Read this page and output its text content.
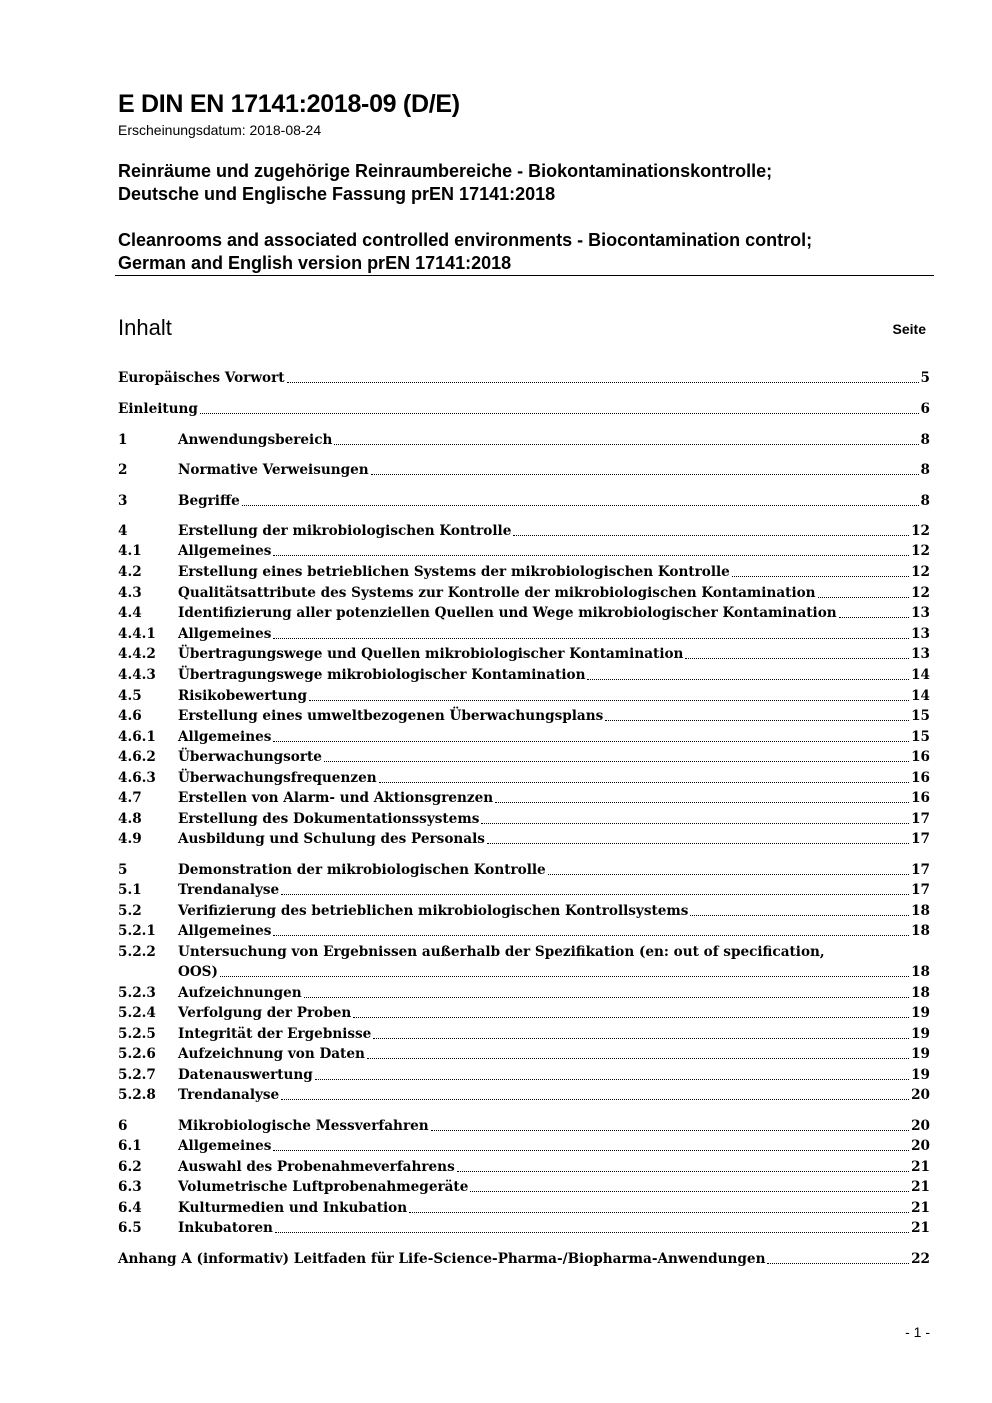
E DIN EN 17141:2018-09 (D/E)
Erscheinungsdatum: 2018-08-24
Reinräume und zugehörige Reinraumbereiche - Biokontaminationskontrolle;
Deutsche und Englische Fassung prEN 17141:2018
Cleanrooms and associated controlled environments - Biocontamination control;
German and English version prEN 17141:2018
Inhalt	Seite
Europäisches Vorwort	5
Einleitung	6
1	Anwendungsbereich	8
2	Normative Verweisungen	8
3	Begriffe	8
4	Erstellung der mikrobiologischen Kontrolle	12
4.1	Allgemeines	12
4.2	Erstellung eines betrieblichen Systems der mikrobiologischen Kontrolle	12
4.3	Qualitätsattribute des Systems zur Kontrolle der mikrobiologischen Kontamination	12
4.4	Identifizierung aller potenziellen Quellen und Wege mikrobiologischer Kontamination	13
4.4.1	Allgemeines	13
4.4.2	Übertragungswege und Quellen mikrobiologischer Kontamination	13
4.4.3	Übertragungswege mikrobiologischer Kontamination	14
4.5	Risikobewertung	14
4.6	Erstellung eines umweltbezogenen Überwachungsplans	15
4.6.1	Allgemeines	15
4.6.2	Überwachungsorte	16
4.6.3	Überwachungsfrequenzen	16
4.7	Erstellen von Alarm- und Aktionsgrenzen	16
4.8	Erstellung des Dokumentationssystems	17
4.9	Ausbildung und Schulung des Personals	17
5	Demonstration der mikrobiologischen Kontrolle	17
5.1	Trendanalyse	17
5.2	Verifizierung des betrieblichen mikrobiologischen Kontrollsystems	18
5.2.1	Allgemeines	18
5.2.2	Untersuchung von Ergebnissen außerhalb der Spezifikation (en: out of specification,
OOS)	18
5.2.3	Aufzeichnungen	18
5.2.4	Verfolgung der Proben	19
5.2.5	Integrität der Ergebnisse	19
5.2.6	Aufzeichnung von Daten	19
5.2.7	Datenauswertung	19
5.2.8	Trendanalyse	20
6	Mikrobiologische Messverfahren	20
6.1	Allgemeines	20
6.2	Auswahl des Probenahmeverfahrens	21
6.3	Volumetrische Luftprobenahmegeräte	21
6.4	Kulturmedien und Inkubation	21
6.5	Inkubatoren	21
Anhang A (informativ) Leitfaden für Life-Science-Pharma-/Biopharma-Anwendungen	22
- 1 -
